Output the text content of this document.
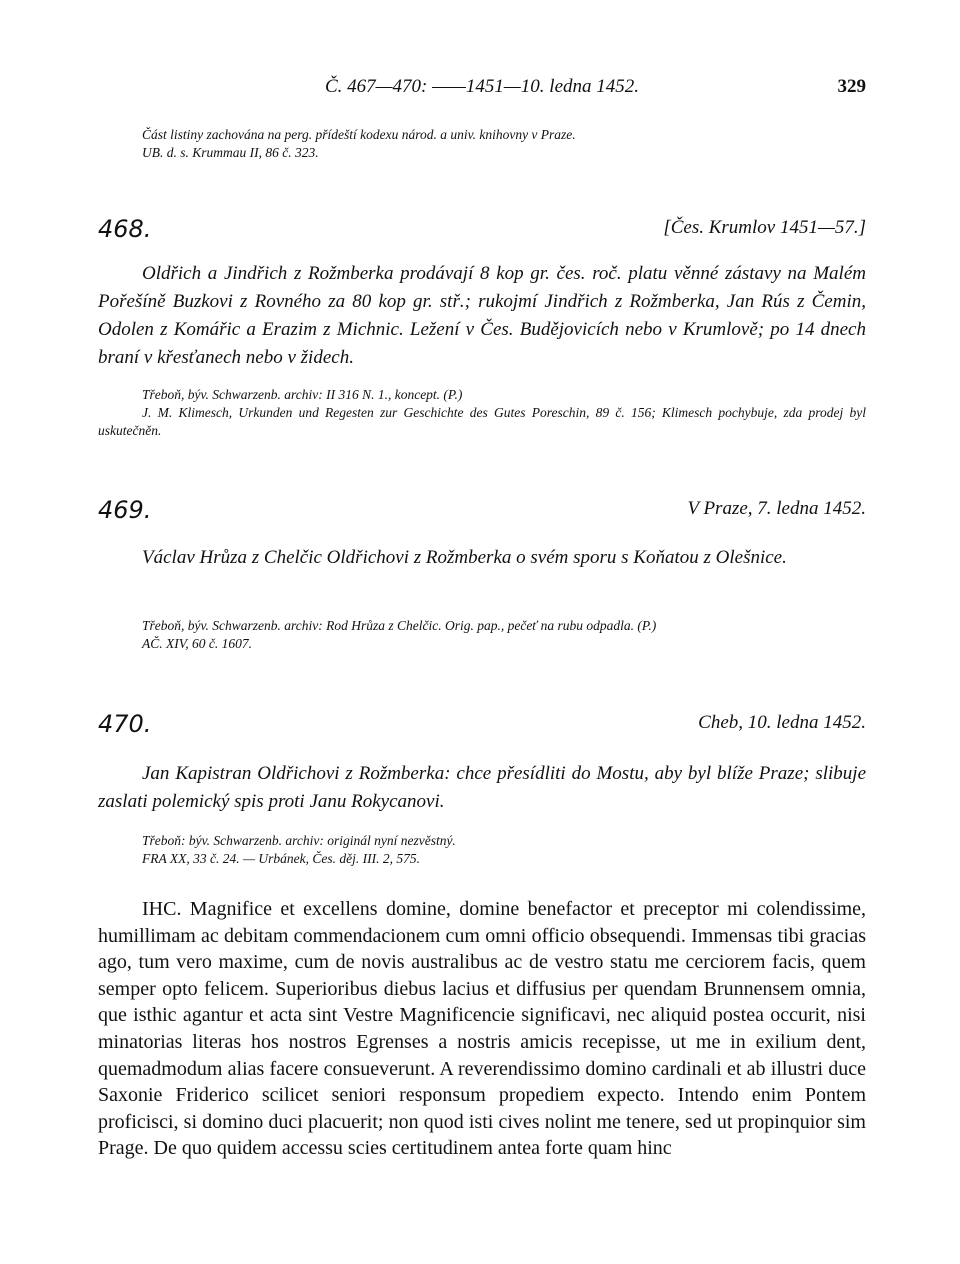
Č. 467—470: ——1451—10. ledna 1452.	329

Část listiny zachována na perg. přídeští kodexu národ. a univ. knihovny v Praze.

UB. d. s. Krummau II, 86 č. 323.

468.	[Čes. Krumlov 1451—57.]

Oldřich a Jindřich z Rožmberka prodávají 8 kop gr. čes. roč. platu věnné zástavy na Malém Pořešíně Buzkovi z Rovného za 80 kop gr. stř.; rukojmí Jindřich z Rožmberka, Jan Rús z Čemin, Odolen z Komářic a Erazim z Michnic. Ležení v Čes. Budějovicích nebo v Krumlově; po 14 dnech braní v křesťanech nebo v židech.

Třeboň, býv. Schwarzenb. archiv: II 316 N. 1., koncept. (P.)

J. M. Klimesch, Urkunden und Regesten zur Geschichte des Gutes Poreschin, 89 č. 156; Klimesch pochybuje, zda prodej byl uskutečněn.

469.	V Praze, 7. ledna 1452.

Václav Hrůza z Chelčic Oldřichovi z Rožmberka o svém sporu s Koňatou z Olešnice.

Třeboň, býv. Schwarzenb. archiv: Rod Hrůza z Chelčic. Orig. pap., pečeť na rubu odpadla. (P.)

AČ. XIV, 60 č. 1607.

470.	Cheb, 10. ledna 1452.

Jan Kapistran Oldřichovi z Rožmberka: chce přesídliti do Mostu, aby byl blíže Praze; slibuje zaslati polemický spis proti Janu Rokycanovi.

Třeboň: býv. Schwarzenb. archiv: originál nyní nezvěstný.

FRA XX, 33 č. 24. — Urbánek, Čes. děj. III. 2, 575.

IHC. Magnifice et excellens domine, domine benefactor et preceptor mi colendissime, humillimam ac debitam commendacionem cum omni officio obsequendi. Immensas tibi gracias ago, tum vero maxime, cum de novis australibus ac de vestro statu me cerciorem facis, quem semper opto felicem. Superioribus diebus lacius et diffusius per quendam Brunnensem omnia, que isthic agantur et acta sint Vestre Magnificencie significavi, nec aliquid postea occurit, nisi minatorias literas hos nostros Egrenses a nostris amicis recepisse, ut me in exilium dent, quemadmodum alias facere consueverunt. A reverendissimo domino cardinali et ab illustri duce Saxonie Friderico scilicet seniori responsum propediem expecto. Intendo enim Pontem proficisci, si domino duci placuerit; non quod isti cives nolint me tenere, sed ut propinquior sim Prage. De quo quidem accessu scies certitudinem antea forte quam hinc
